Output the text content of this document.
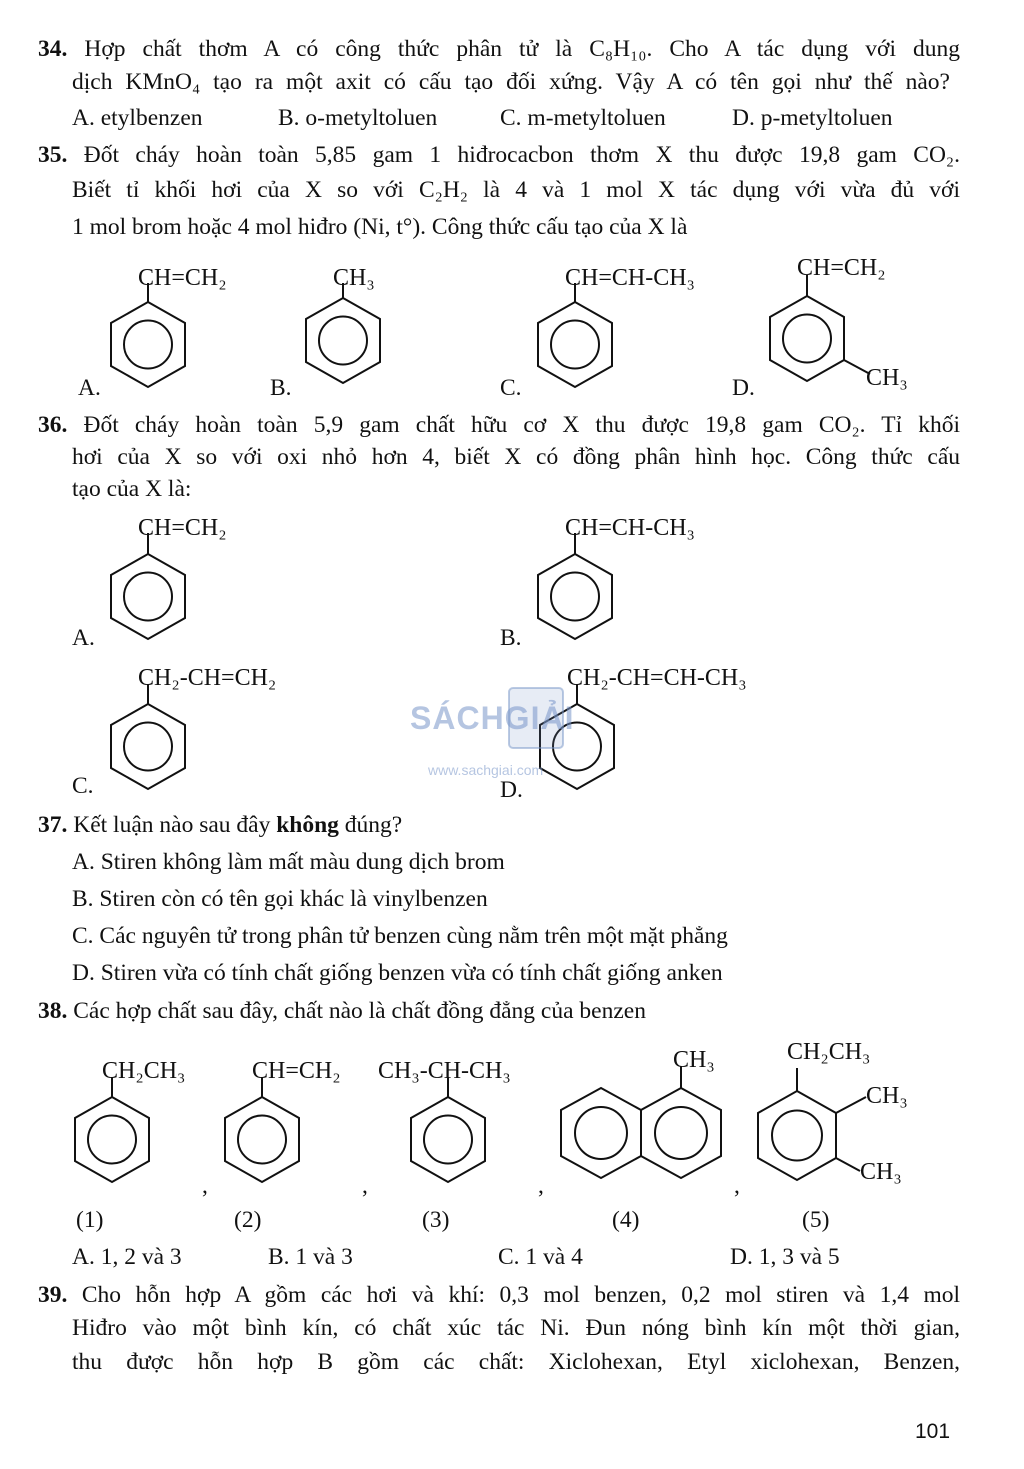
34. Hợp chất thơm A có công thức phân tử là C₈H₁₀. Cho A tác dụng với dung
dịch KMnO₄ tạo ra một axit có cấu tạo đối xứng. Vậy A có tên gọi như thế nào?
A. etylbenzen	B. o-metyltoluen	C. m-metyltoluen	D. p-metyltoluen
35. Đốt cháy hoàn toàn 5,85 gam 1 hiđrocacbon thơm X thu được 19,8 gam CO₂.
Biết tỉ khối hơi của X so với C₂H₂ là 4 và 1 mol X tác dụng với vừa đủ với
1 mol brom hoặc 4 mol hiđro (Ni, t°). Công thức cấu tạo của X là
CH=CH₂	CH₃	CH=CH-CH₃	CH=CH₂
CH₃
A.	B.	C.	D.
36. Đốt cháy hoàn toàn 5,9 gam chất hữu cơ X thu được 19,8 gam CO₂. Tỉ khối
hơi của X so với oxi nhỏ hơn 4, biết X có đồng phân hình học. Công thức cấu
tạo của X là:
CH=CH₂	CH=CH-CH₃
CH₂-CH=CH₂	CH₂-CH=CH-CH₃
A.	B.
C.	D.
SÁCHGIẢI
www.sachgiai.com
37. Kết luận nào sau đây không đúng?
A. Stiren không làm mất màu dung dịch brom
B. Stiren còn có tên gọi khác là vinylbenzen
C. Các nguyên tử trong phân tử benzen cùng nằm trên một mặt phẳng
D. Stiren vừa có tính chất giống benzen vừa có tính chất giống anken
38. Các hợp chất sau đây, chất nào là chất đồng đẳng của benzen
CH₂CH₃	CH=CH₂ CH₃-CH-CH₃	CH₃	CH₂CH₃
CH₃
CH₃
,	,	,	,
(1)	(2)	(3)	(4)	(5)
A. 1, 2 và 3	B. 1 và 3	C. 1 và 4	D. 1, 3 và 5
39. Cho hỗn hợp A gồm các hơi và khí: 0,3 mol benzen, 0,2 mol stiren và 1,4 mol
Hiđro vào một bình kín, có chất xúc tác Ni. Đun nóng bình kín một thời gian,
thu được hỗn hợp B gồm các chất: Xiclohexan, Etyl xiclohexan, Benzen,
101
